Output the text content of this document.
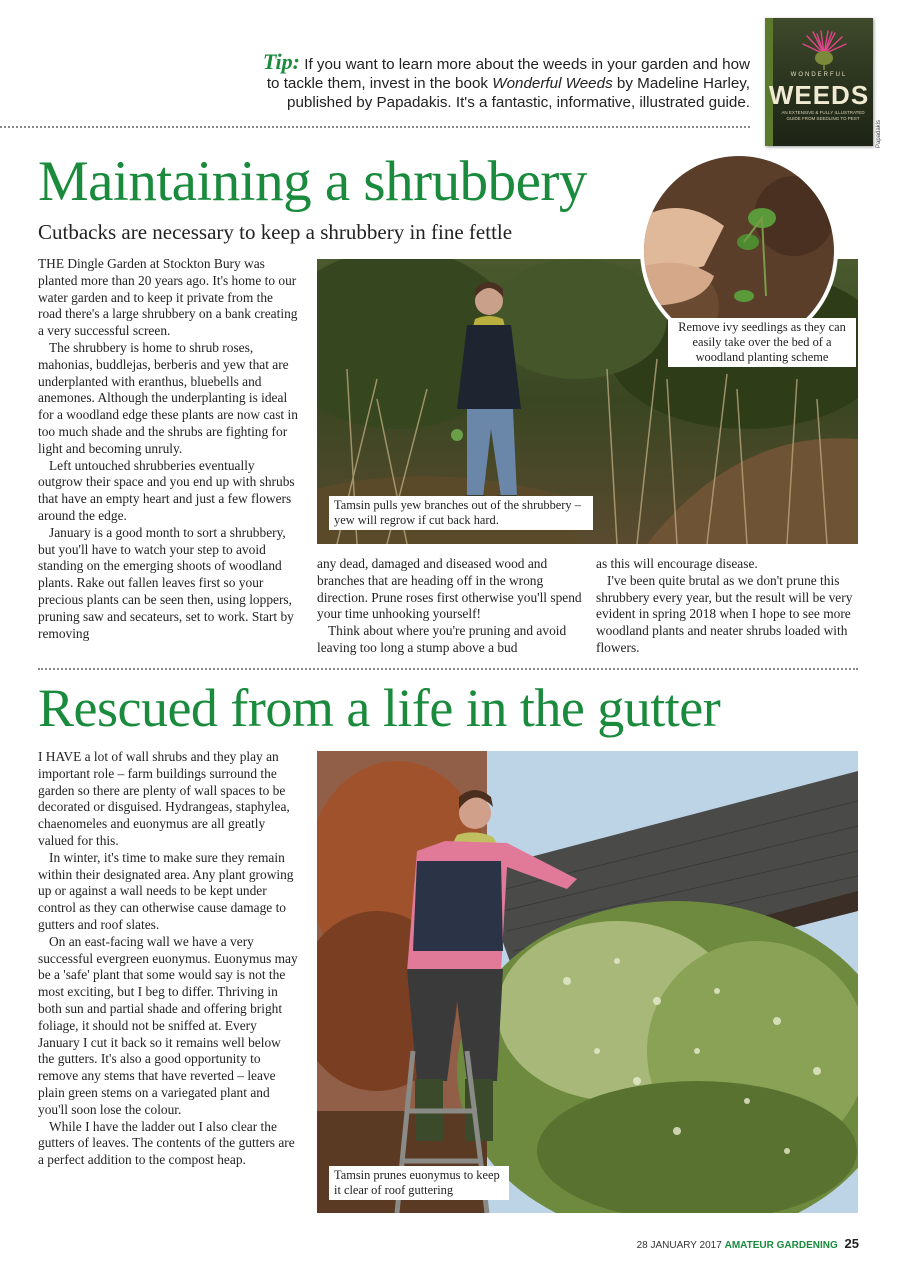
Tip: If you want to learn more about the weeds in your garden and how
to tackle them, invest in the book Wonderful Weeds by Madeline Harley,
published by Papadakis. It's a fantastic, informative, illustrated guide.
WONDERFUL
WEEDS
AN EXTENSIVE & FULLY ILLUSTRATED GUIDE FROM SEEDLING TO PEST
Papadakis
Maintaining a shrubbery
Cutbacks are necessary to keep a shrubbery in fine fettle
Tamsin pulls yew branches out of the shrubbery – yew will regrow if cut back hard.
Remove ivy seedlings as they can easily take over the bed of a woodland planting scheme

THE Dingle Garden at Stockton Bury was planted more than 20 years ago. It's home to our water garden and to keep it private from the road there's a large shrubbery on a bank creating a very successful screen.

The shrubbery is home to shrub roses, mahonias, buddlejas, berberis and yew that are underplanted with eranthus, bluebells and anemones. Although the underplanting is ideal for a woodland edge these plants are now cast in too much shade and the shrubs are fighting for light and becoming unruly.

Left untouched shrubberies eventually outgrow their space and you end up with shrubs that have an empty heart and just a few flowers around the edge.

January is a good month to sort a shrubbery, but you'll have to watch your step to avoid standing on the emerging shoots of woodland plants. Rake out fallen leaves first so your precious plants can be seen then, using loppers, pruning saw and secateurs, set to work. Start by removing

any dead, damaged and diseased wood and branches that are heading off in the wrong direction. Prune roses first otherwise you'll spend your time unhooking yourself!

Think about where you're pruning and avoid leaving too long a stump above a bud

as this will encourage disease.

I've been quite brutal as we don't prune this shrubbery every year, but the result will be very evident in spring 2018 when I hope to see more woodland plants and neater shrubs loaded with flowers.

Rescued from a life in the gutter

I HAVE a lot of wall shrubs and they play an important role – farm buildings surround the garden so there are plenty of wall spaces to be decorated or disguised. Hydrangeas, staphylea, chaenomeles and euonymus are all greatly valued for this.

In winter, it's time to make sure they remain within their designated area. Any plant growing up or against a wall needs to be kept under control as they can otherwise cause damage to gutters and roof slates.

On an east-facing wall we have a very successful evergreen euonymus. Euonymus may be a 'safe' plant that some would say is not the most exciting, but I beg to differ. Thriving in both sun and partial shade and offering bright foliage, it should not be sniffed at. Every January I cut it back so it remains well below the gutters. It's also a good opportunity to remove any stems that have reverted – leave plain green stems on a variegated plant and you'll soon lose the colour.

While I have the ladder out I also clear the gutters of leaves. The contents of the gutters are a perfect addition to the compost heap.

Tamsin prunes euonymus to keep it clear of roof guttering
28 JANUARY 2017 AMATEUR GARDENING 25
